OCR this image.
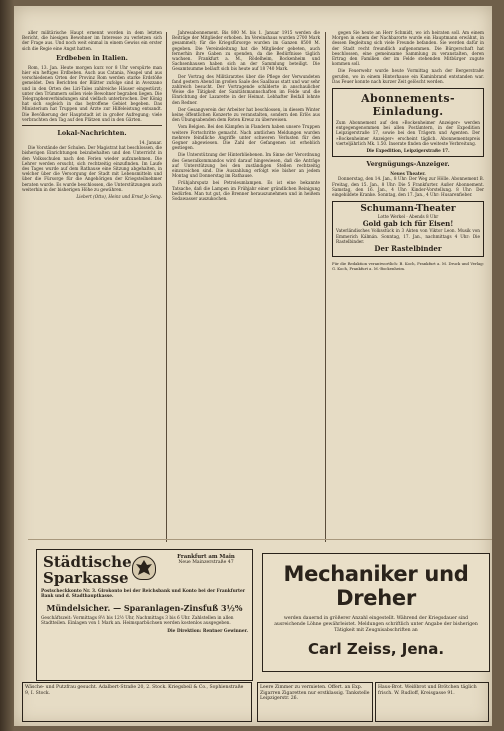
aller militärische Haupt ernennt worden in dem letzten Bericht, die hiesigen Bewohner im Interesse zu verletzen sich der Frage aus. Und noch weit einmal in einem Gewiss ein erster sich die Regie eine Angst hatten.

Erdbeben in Italien.

Rom, 13. Jan. Heute morgen kurz vor 8 Uhr verspürte man hier ein heftiges Erdbeben. Auch aus Catania, Neapel und aus verschiedenen Orten der Provinz Rom werden starke Erdstöße gemeldet. Den Berichten der Blätter zufolge sind in Avezzano und in den Orten des Liri-Tales zahlreiche Häuser eingestürzt; unter den Trümmern sollen viele Bewohner begraben liegen. Die Telegraphenverbindungen sind vielfach unterbrochen. Der König hat sich sogleich in das betroffene Gebiet begeben. Das Ministerium hat Truppen und Ärzte zur Hilfeleistung entsandt. Die Bevölkerung der Hauptstadt ist in großer Aufregung; viele verbrachten den Tag auf den Plätzen und in den Gärten.

Lokal-Nachrichten.
14. Januar.

Die Vorstände der Schulen. Der Magistrat hat beschlossen, die bisherigen Einrichtungen beizubehalten und den Unterricht in den Volksschulen nach den Ferien wieder aufzunehmen. Die Lehrer werden ersucht, sich rechtzeitig einzufinden. Im Laufe des Tages wurde auf dem Rathause eine Sitzung abgehalten, in welcher über die Versorgung der Stadt mit Lebensmitteln und über die Fürsorge für die Angehörigen der Kriegsteilnehmer beraten wurde. Es wurde beschlossen, die Unterstützungen auch weiterhin in der bisherigen Höhe zu gewähren.

Liebert (Otto), Heinz und Ernst Jo Seng.

Jahresabonnement. Bis 800 M. bis 1. Januar 1915 werden die Beiträge der Mitglieder erhoben. Im Vereinshaus wurden 2700 Mark gesammelt; für die Kriegsfürsorge wurden im Ganzen 8500 M. gegeben. Die Vereinsleitung hat die Mitglieder gebeten, auch fernerhin ihre Gaben zu spenden, da die Bedürfnisse täglich wachsen. Frankfurt a. M., Rödelheim, Bockenheim und Sachsenhausen haben sich an der Sammlung beteiligt. Die Gesamtsumme beläuft sich bis heute auf 18 740 Mark.

Der Vortrag des Militärarztes über die Pflege der Verwundeten fand gestern Abend im großen Saale des Saalbaus statt und war sehr zahlreich besucht. Der Vortragende schilderte in anschaulicher Weise die Tätigkeit der Sanitätsmannschaften im Felde und die Einrichtung der Lazarette in der Heimat. Lebhafter Beifall lohnte den Redner.

Der Gesangverein der Arbeiter hat beschlossen, in diesem Winter keine öffentlichen Konzerte zu veranstalten, sondern den Erlös aus den Übungsabenden dem Roten Kreuz zu überweisen.

Vom Belgien. Bei den Kämpfen in Flandern haben unsere Truppen weitere Fortschritte gemacht. Nach amtlichen Meldungen wurden mehrere feindliche Angriffe unter schweren Verlusten für den Gegner abgewiesen. Die Zahl der Gefangenen ist erheblich gestiegen.

Die Unterstützung der Hinterbliebenen. Im Sinne der Verordnung des Generalkommandos wird darauf hingewiesen, daß die Anträge auf Unterstützung bei den zuständigen Stellen rechtzeitig einzureichen sind. Die Auszahlung erfolgt wie bisher an jedem Montag und Donnerstag im Rathause.

Frühjahrsputz bei Petroleumlampen. Es ist eine bekannte Tatsache, daß die Lampen im Frühjahr einer gründlichen Reinigung bedürfen. Man tut gut, die Brenner herauszunehmen und in heißem Sodawasser auszukochen.

gegen Sie heute an Herr Schmidt, wo ich heiraten soll. Am einem Morgen in einem der Nachbarorte wurde ein Hauptmann erwähnt, in dessen Begleitung sich viele Freunde befanden. Sie werden dafür in der Stadt recht freundlich aufgenommen. Die Bürgerschaft hat beschlossen, eine gemeinsame Sammlung zu veranstalten, deren Ertrag den Familien der im Felde stehenden Mitbürger zugute kommen soll.

Die Feuerwehr wurde heute Vormittag nach der Bergerstraße gerufen, wo in einem Hinterhause ein Kaminbrand entstanden war. Das Feuer konnte nach kurzer Zeit gelöscht werden.

Abonnements-Einladung.
Zum Abonnement auf den »Bockenheimer Anzeiger« werden entgegengenommen bei allen Postämtern, in der Expedition Leipzigerstraße 17, sowie bei den Trägern und Agenten. Der »Bockenheimer Anzeiger« erscheint täglich. Abonnementspreis vierteljährlich Mk. 1.50. Inserate finden die weiteste Verbreitung.
Die Expedition, Leipzigerstraße 17.
Vergnügungs-Anzeiger.
Neues Theater.

Donnerstag, den 14. Jan., 8 Uhr: Der Weg zur Hölle. Abonnement B. Freitag, den 15. Jan., 8 Uhr: Die 5 Frankfurter. Außer Abonnement. Samstag, den 16. Jan., 4 Uhr: Kinder-Vorstellung. 8 Uhr: Der eingebildete Kranke. Sonntag, den 17. Jan., 4 Uhr: Husarenfieber.

Schumann-Theater
Lotte Werkel · Abends 8 Uhr
Gold gab ich für Eisen!
Vaterländisches Volksstück in 3 Akten von Viktor Leon. Musik von Emmerich Kálmán. Sonntag, 17. Jan., nachmittags 4 Uhr: Die Rastelbinder.
Der Rastelbinder
Für die Redaktion verantwortlich: B. Koch, Frankfurt a. M. Druck und Verlag: G. Koch, Frankfurt a. M.-Bockenheim.
Städtische Sparkasse
Frankfurt am Main
Neue Mainzerstraße 47
Postscheckkonto Nr. 3. Girokonto bei der Reichsbank und Konto bei der Frankfurter Bank und d. Stadthauptkasse.
Mündelsicher. — Sparanlagen-Zinsfuß 3½%
Geschäftszeit: Vormittags 8½ bis 12½ Uhr, Nachmittags 3 bis 6 Uhr. Zahlstellen in allen Stadtteilen. Einlagen von 1 Mark an. Heimsparbüchsen werden kostenlos ausgegeben.
Die Direktion: Rentner Gewinner.
Mechaniker und Dreher
werden dauernd in größerer Anzahl eingestellt. Während der Kriegsdauer sind ausreichende Löhne gewährleistet. Meldungen schriftlich unter Angabe der bisherigen Tätigkeit mit Zeugnisabschriften an
Carl Zeiss, Jena.
Wäsche- und Putzfrau gesucht. Adalbert-Straße 20, 2. Stock. Kriegsbeil & Co., Sophienstraße 9, I. Stock.
Leere Zimmer zu vermieten. Offert. an Exp. Zigarren Zigaretten nur erstklassig. Tankstelle Leipzigerstr. 26.
Haus-Brot. Weißbrot und Brötchen täglich frisch. W. Rudloff, Kreisgasse 91.
